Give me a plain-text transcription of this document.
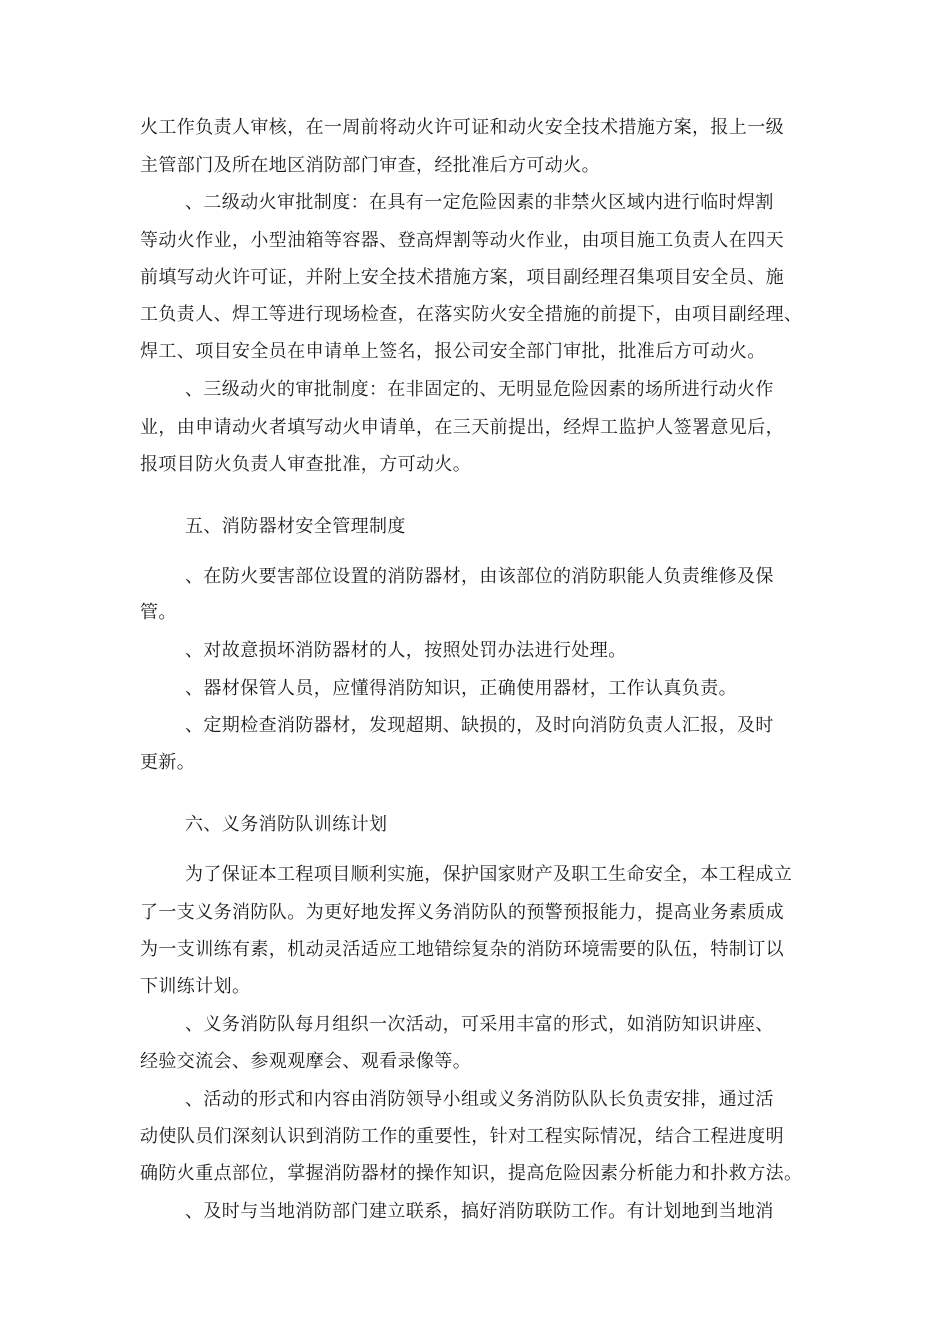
火工作负责人审核，在一周前将动火许可证和动火安全技术措施方案，报上一级
主管部门及所在地区消防部门审查，经批准后方可动火。
、二级动火审批制度：在具有一定危险因素的非禁火区域内进行临时焊割
等动火作业，小型油箱等容器、登高焊割等动火作业，由项目施工负责人在四天
前填写动火许可证，并附上安全技术措施方案，项目副经理召集项目安全员、施
工负责人、焊工等进行现场检查，在落实防火安全措施的前提下，由项目副经理、
焊工、项目安全员在申请单上签名，报公司安全部门审批，批准后方可动火。
、三级动火的审批制度：在非固定的、无明显危险因素的场所进行动火作
业，由申请动火者填写动火申请单，在三天前提出，经焊工监护人签署意见后，
报项目防火负责人审查批准，方可动火。
五、消防器材安全管理制度
、在防火要害部位设置的消防器材，由该部位的消防职能人负责维修及保
管。
、对故意损坏消防器材的人，按照处罚办法进行处理。
、器材保管人员，应懂得消防知识，正确使用器材，工作认真负责。
、定期检查消防器材，发现超期、缺损的，及时向消防负责人汇报，及时
更新。
六、义务消防队训练计划
为了保证本工程项目顺利实施，保护国家财产及职工生命安全，本工程成立
了一支义务消防队。为更好地发挥义务消防队的预警预报能力，提高业务素质成
为一支训练有素，机动灵活适应工地错综复杂的消防环境需要的队伍，特制订以
下训练计划。
、义务消防队每月组织一次活动，可采用丰富的形式，如消防知识讲座、
经验交流会、参观观摩会、观看录像等。
、活动的形式和内容由消防领导小组或义务消防队队长负责安排，通过活
动使队员们深刻认识到消防工作的重要性，针对工程实际情况，结合工程进度明
确防火重点部位，掌握消防器材的操作知识，提高危险因素分析能力和扑救方法。
、及时与当地消防部门建立联系，搞好消防联防工作。有计划地到当地消
